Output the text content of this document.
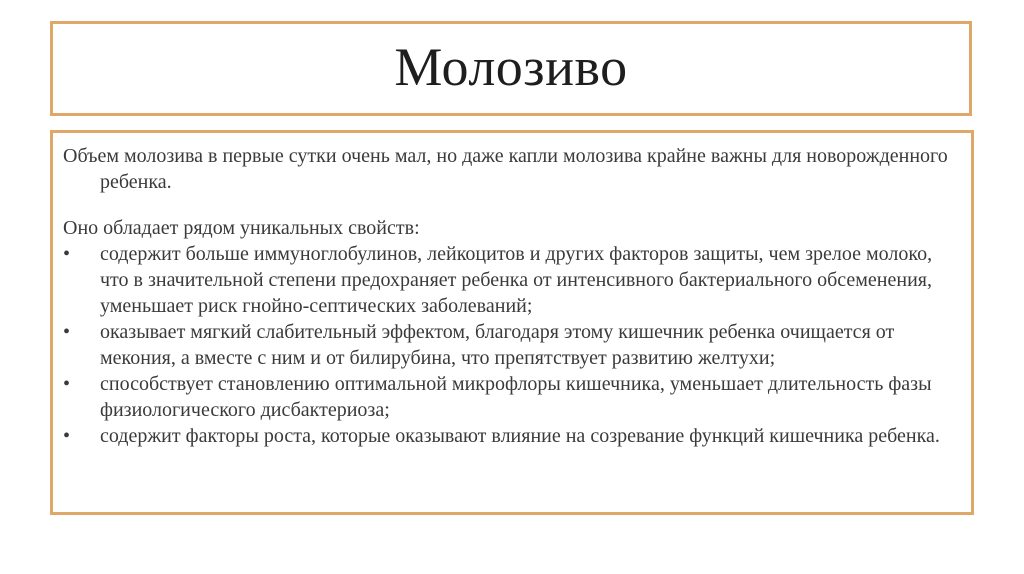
Молозиво

Объем молозива в первые сутки очень мал, но даже капли молозива крайне важны для новорожденного ребенка.

Оно обладает рядом уникальных свойств:

•	содержит больше иммуноглобулинов, лейкоцитов и других факторов защиты, чем зрелое молоко, что в значительной степени предохраняет ребенка от интенсивного бактериального обсеменения, уменьшает риск гнойно-септических заболеваний;
•	оказывает мягкий слабительный эффектом, благодаря этому кишечник ребенка очищается от мекония, а вместе с ним и от билирубина, что препятствует развитию желтухи;
•	способствует становлению оптимальной микрофлоры кишечника, уменьшает длительность фазы физиологического дисбактериоза;
•	содержит факторы роста, которые оказывают влияние на созревание функций кишечника ребенка.
